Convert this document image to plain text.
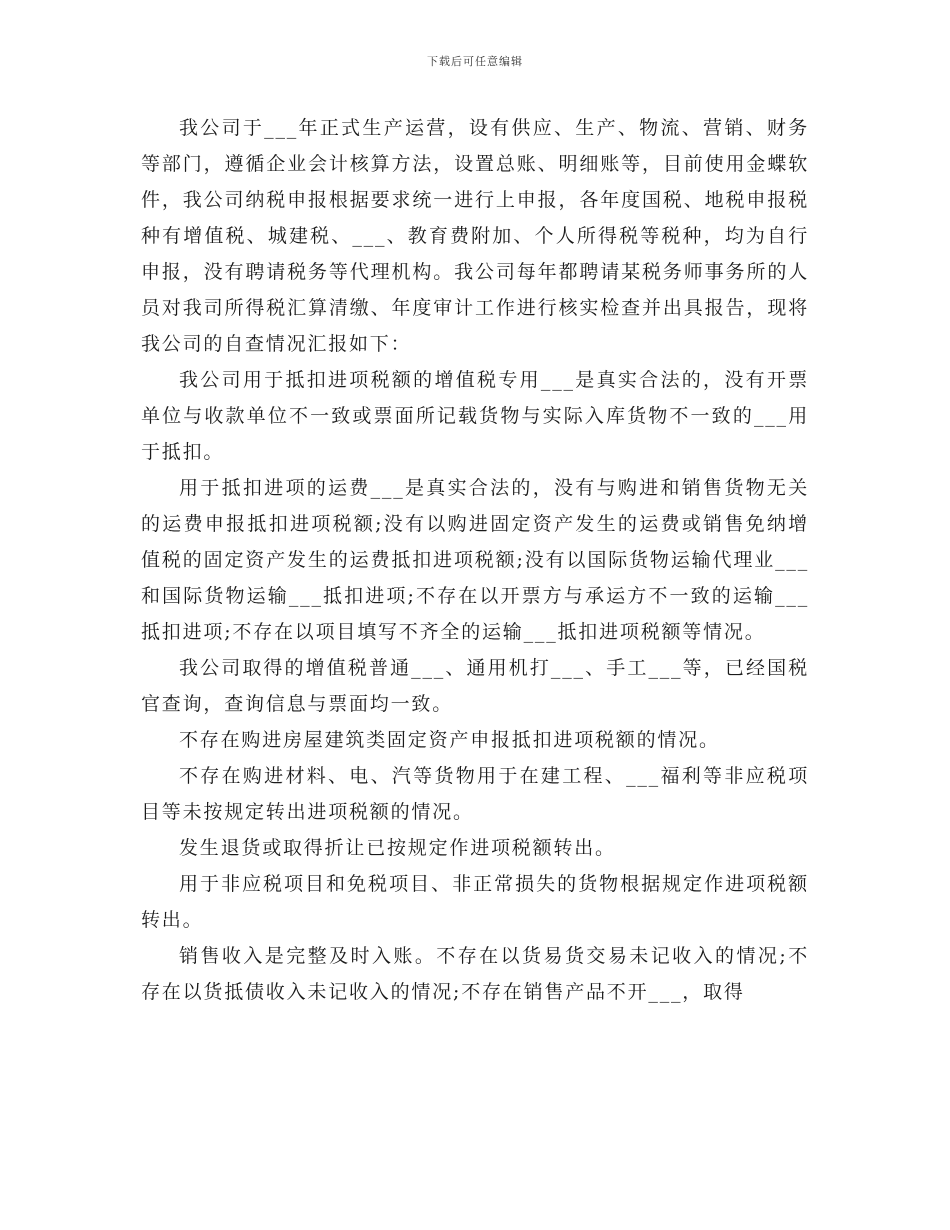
下载后可任意编辑

我公司于___年正式生产运营，设有供应、生产、物流、营销、财务等部门，遵循企业会计核算方法，设置总账、明细账等，目前使用金蝶软件，我公司纳税申报根据要求统一进行上申报，各年度国税、地税申报税种有增值税、城建税、___、教育费附加、个人所得税等税种，均为自行申报，没有聘请税务等代理机构。我公司每年都聘请某税务师事务所的人员对我司所得税汇算清缴、年度审计工作进行核实检查并出具报告，现将我公司的自查情况汇报如下：

我公司用于抵扣进项税额的增值税专用___是真实合法的，没有开票单位与收款单位不一致或票面所记载货物与实际入库货物不一致的___用于抵扣。

用于抵扣进项的运费___是真实合法的，没有与购进和销售货物无关的运费申报抵扣进项税额;没有以购进固定资产发生的运费或销售免纳增值税的固定资产发生的运费抵扣进项税额;没有以国际货物运输代理业___和国际货物运输___抵扣进项;不存在以开票方与承运方不一致的运输___抵扣进项;不存在以项目填写不齐全的运输___抵扣进项税额等情况。

我公司取得的增值税普通___、通用机打___、手工___等，已经国税官查询，查询信息与票面均一致。

不存在购进房屋建筑类固定资产申报抵扣进项税额的情况。

不存在购进材料、电、汽等货物用于在建工程、___福利等非应税项目等未按规定转出进项税额的情况。

发生退货或取得折让已按规定作进项税额转出。

用于非应税项目和免税项目、非正常损失的货物根据规定作进项税额转出。

销售收入是完整及时入账。不存在以货易货交易未记收入的情况;不存在以货抵债收入未记收入的情况;不存在销售产品不开___，取得
